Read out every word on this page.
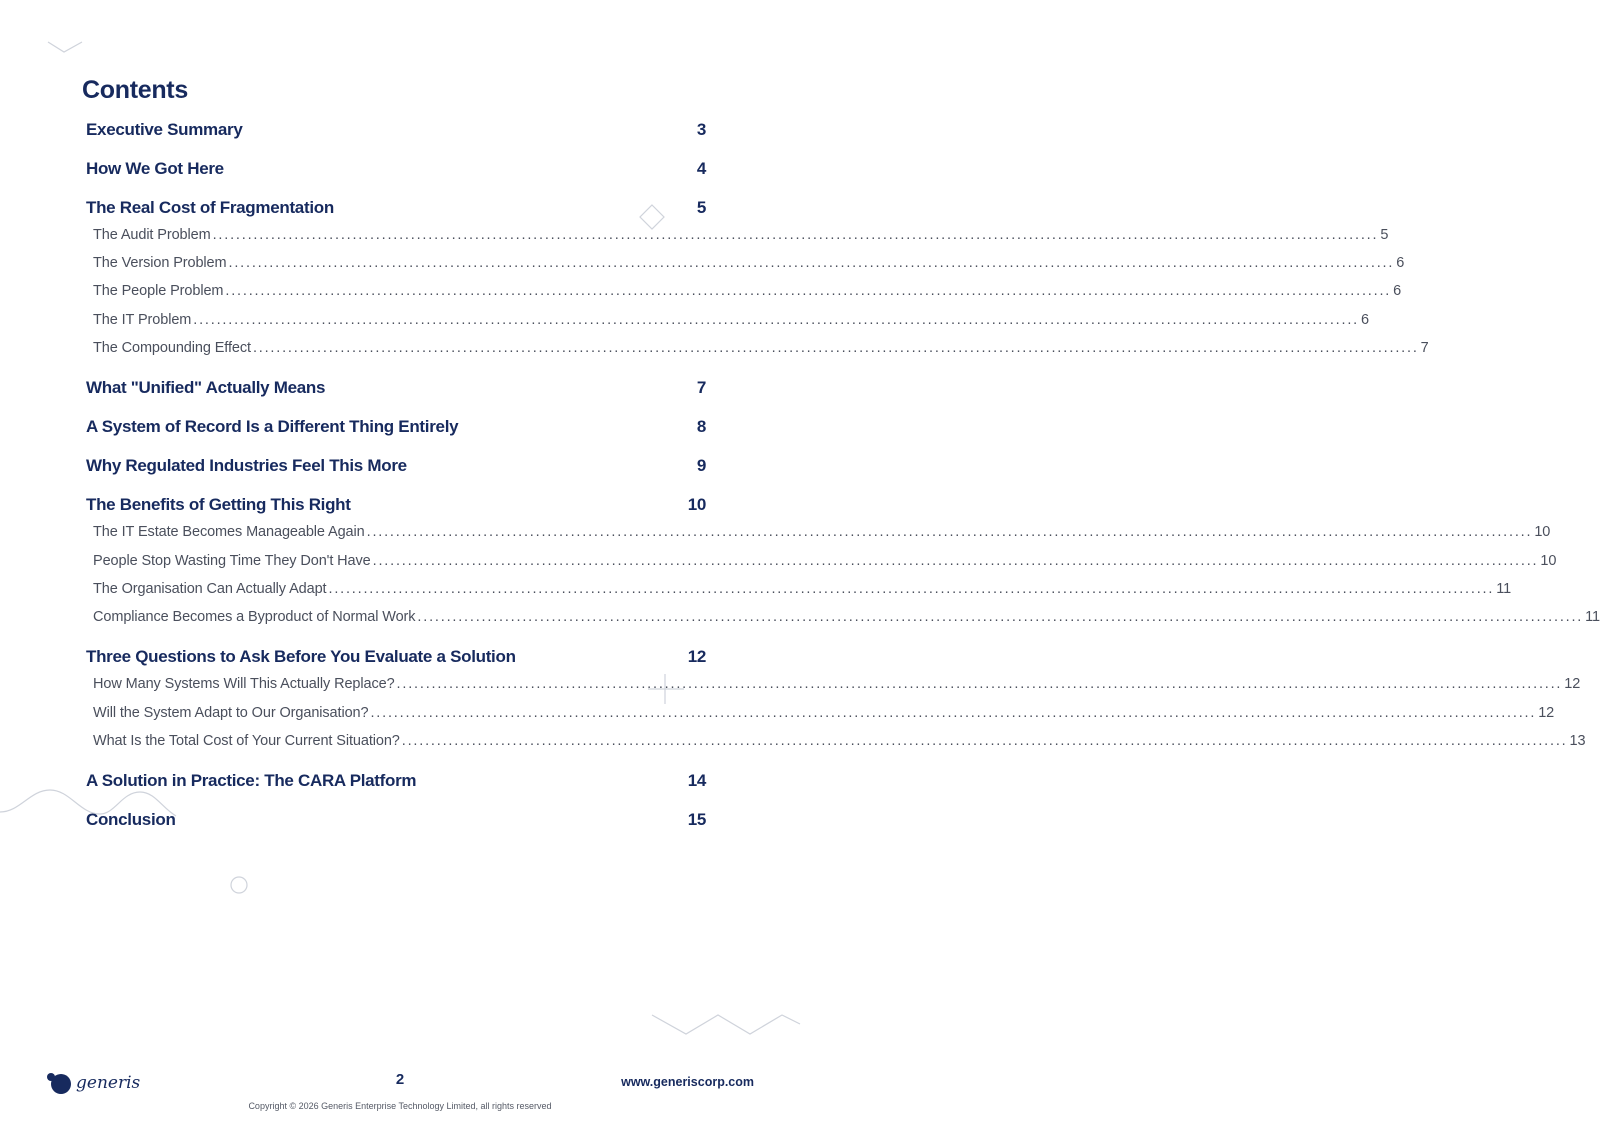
Contents
Executive Summary	3
How We Got Here	4
The Real Cost of Fragmentation	5
The Audit Problem ........................................................................................................................................................................................................ 5
The Version Problem ........................................................................................................................................................................................................ 6
The People Problem ........................................................................................................................................................................................................ 6
The IT Problem ........................................................................................................................................................................................................ 6
The Compounding Effect ........................................................................................................................................................................................................ 7
What "Unified" Actually Means	7
A System of Record Is a Different Thing Entirely	8
Why Regulated Industries Feel This More	9
The Benefits of Getting This Right	10
The IT Estate Becomes Manageable Again ........................................................................................................................................................................................................ 10
People Stop Wasting Time They Don't Have ........................................................................................................................................................................................................ 10
The Organisation Can Actually Adapt ........................................................................................................................................................................................................ 11
Compliance Becomes a Byproduct of Normal Work ........................................................................................................................................................................................................ 11
Three Questions to Ask Before You Evaluate a Solution	12
How Many Systems Will This Actually Replace? ........................................................................................................................................................................................................ 12
Will the System Adapt to Our Organisation? ........................................................................................................................................................................................................ 12
What Is the Total Cost of Your Current Situation? ........................................................................................................................................................................................................ 13
A Solution in Practice: The CARA Platform	14
Conclusion	15
generis	2	www.generiscorp.com
Copyright © 2026 Generis Enterprise Technology Limited, all rights reserved
